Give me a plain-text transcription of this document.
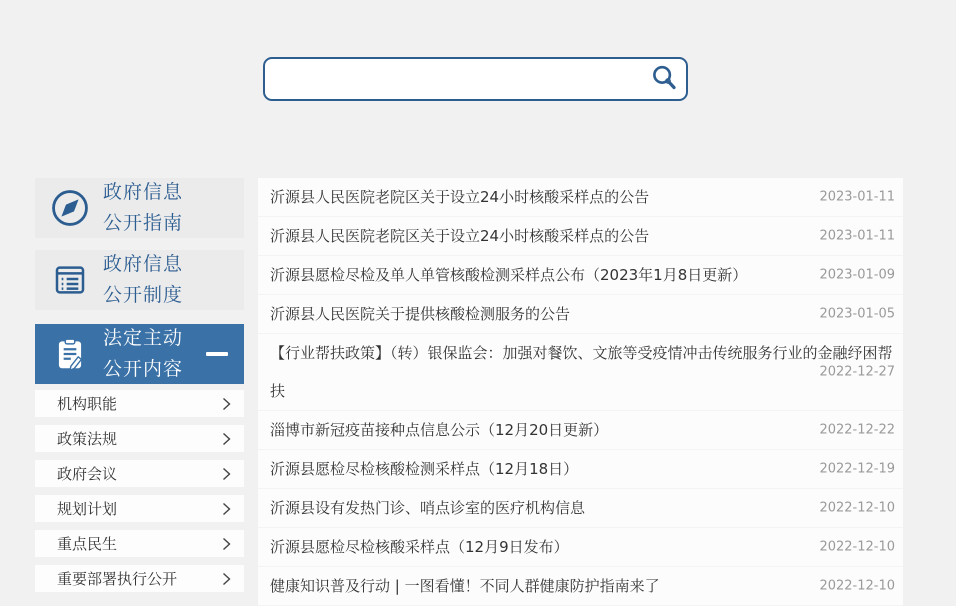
政府信息
公开指南
政府信息
公开制度
法定主动
公开内容
机构职能
政策法规
政府会议
规划计划
重点民生
重要部署执行公开
沂源县人民医院老院区关于设立24小时核酸采样点的公告	2023-01-11
沂源县人民医院老院区关于设立24小时核酸采样点的公告	2023-01-11
沂源县愿检尽检及单人单管核酸检测采样点公布（2023年1月8日更新）	2023-01-09
沂源县人民医院关于提供核酸检测服务的公告	2023-01-05
【行业帮扶政策】（转）银保监会：加强对餐饮、文旅等受疫情冲击传统服务行业的金融纾困帮扶
2022-12-27
淄博市新冠疫苗接种点信息公示（12月20日更新）	2022-12-22
沂源县愿检尽检核酸检测采样点（12月18日）	2022-12-19
沂源县设有发热门诊、哨点诊室的医疗机构信息	2022-12-10
沂源县愿检尽检核酸采样点（12月9日发布）	2022-12-10
健康知识普及行动 | 一图看懂！不同人群健康防护指南来了	2022-12-10
